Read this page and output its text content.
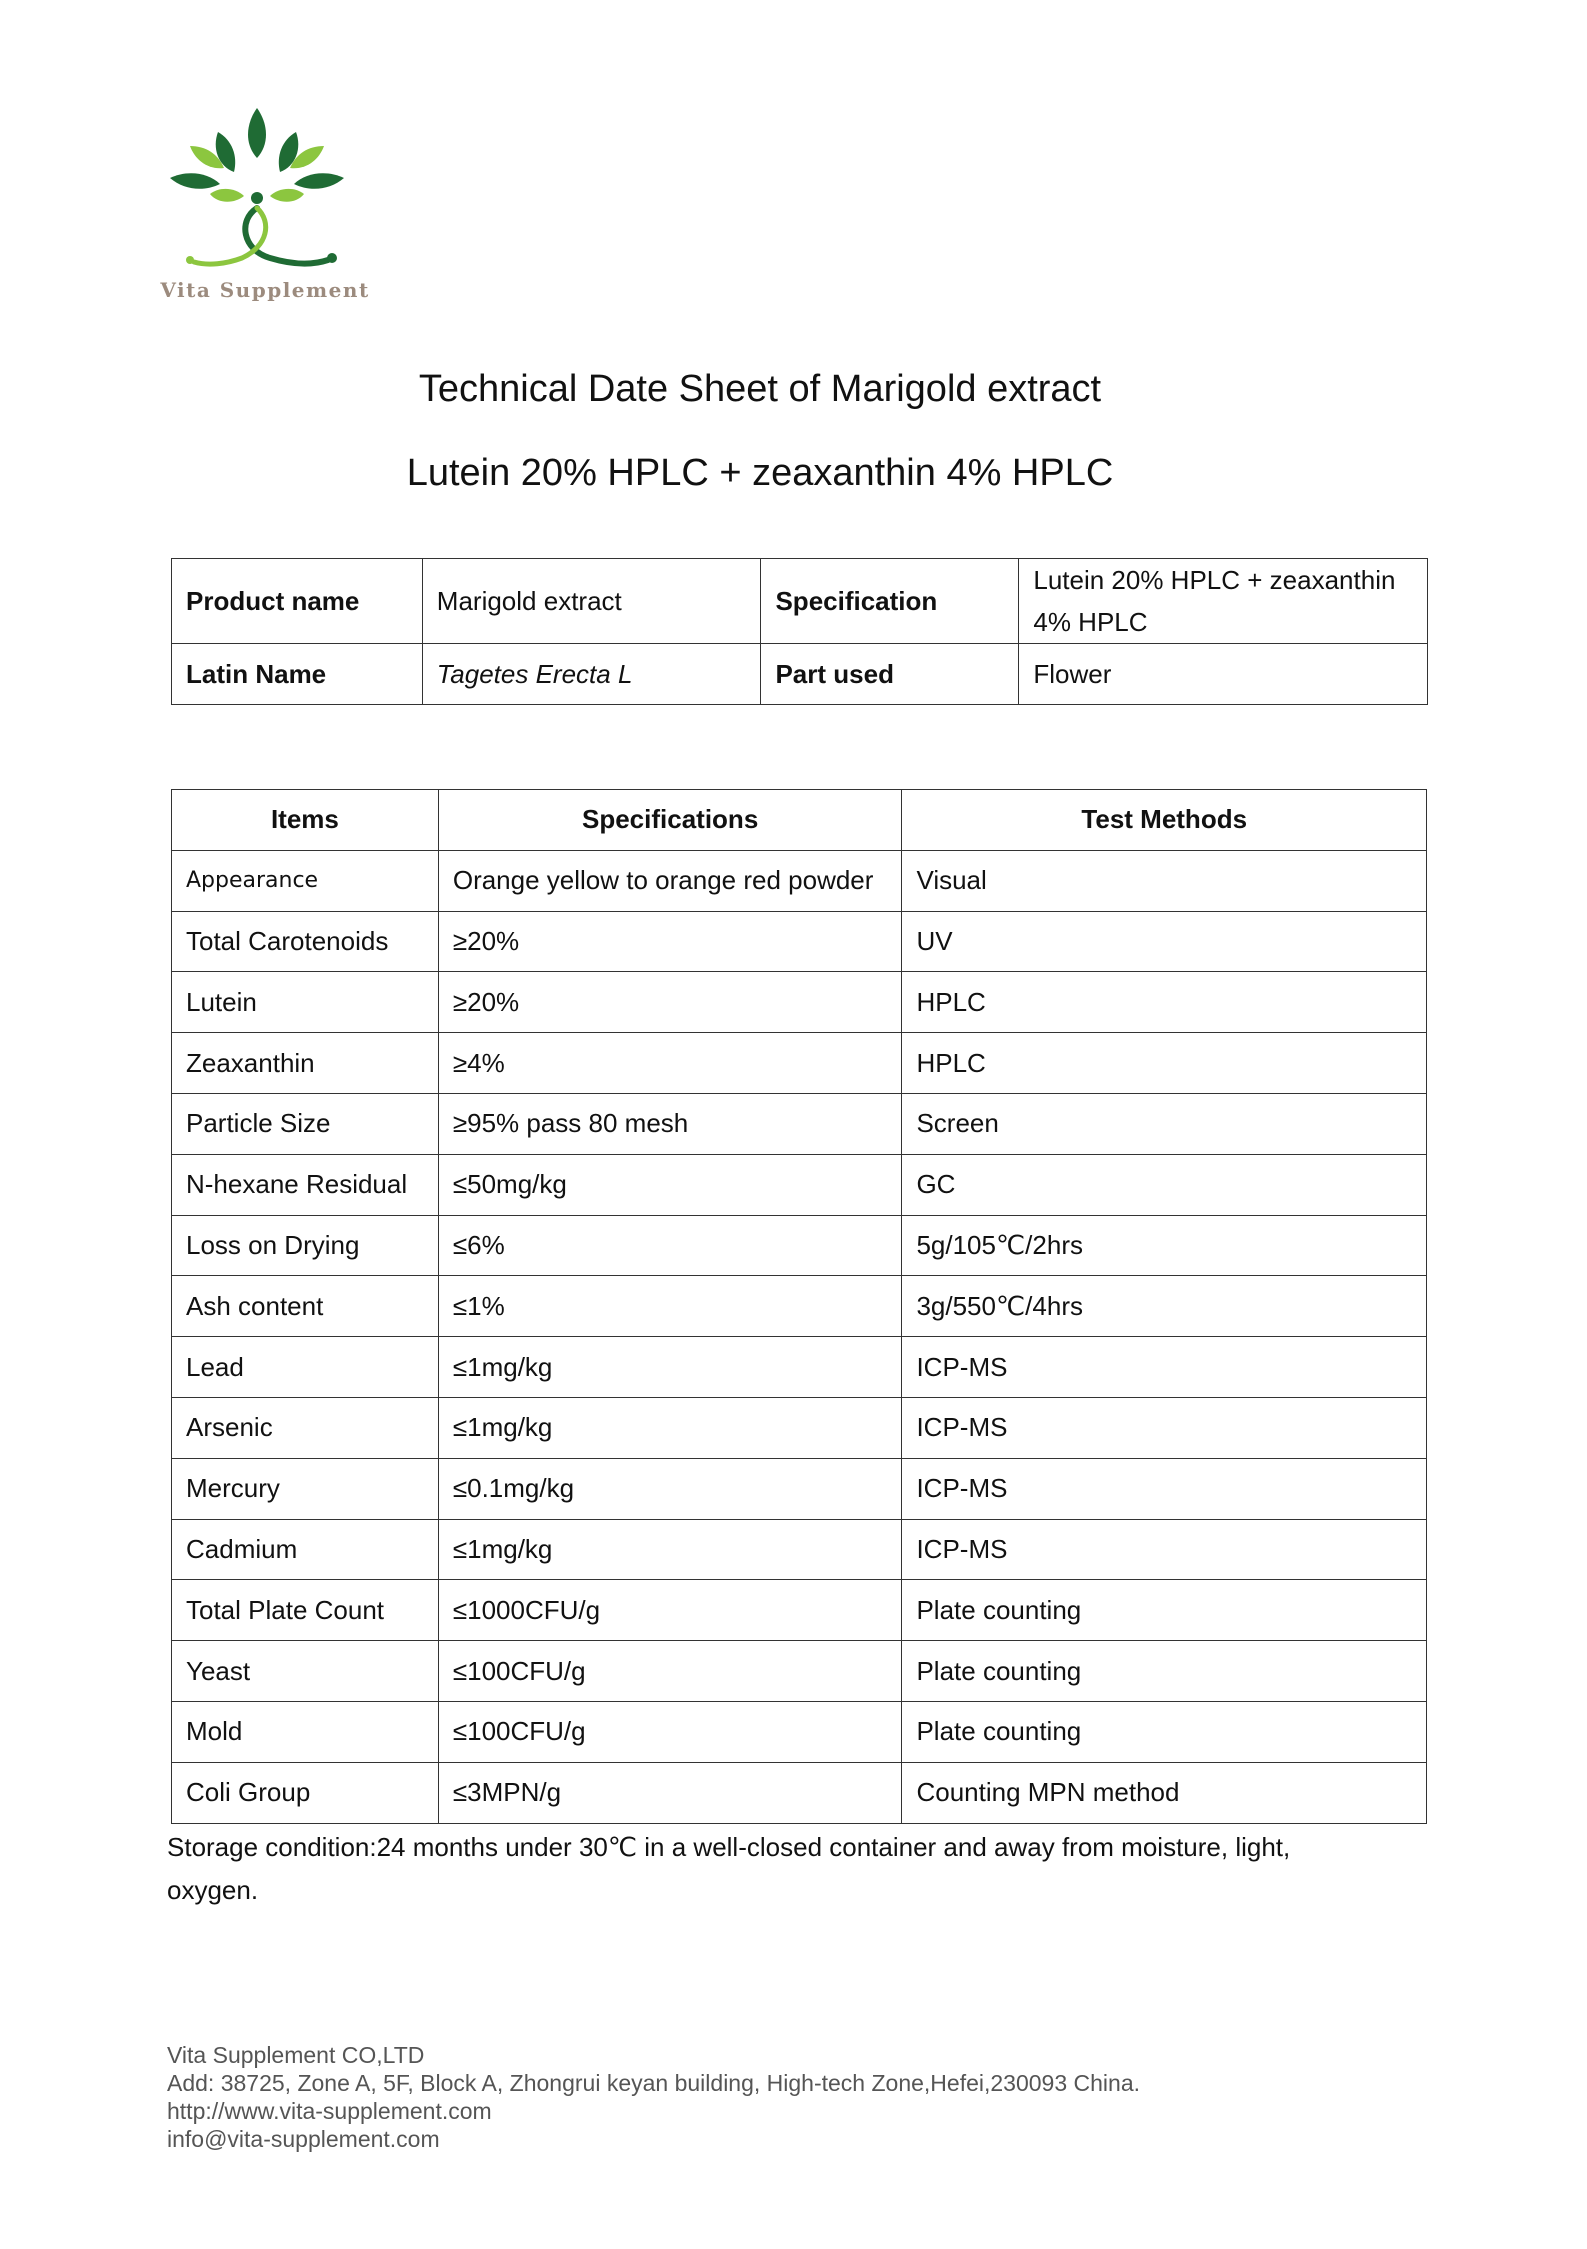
Vita Supplement
Technical Date Sheet of Marigold extract
Lutein 20% HPLC + zeaxanthin 4% HPLC
Product name	Marigold extract	Specification	Lutein 20% HPLC + zeaxanthin 4% HPLC
Latin Name	Tagetes Erecta L	Part used	Flower
Items	Specifications	Test Methods
Appearance	Orange yellow to orange red powder	Visual
Total Carotenoids	≥20%	UV
Lutein	≥20%	HPLC
Zeaxanthin	≥4%	HPLC
Particle Size	≥95% pass 80 mesh	Screen
N-hexane Residual	≤50mg/kg	GC
Loss on Drying	≤6%	5g/105℃/2hrs
Ash content	≤1%	3g/550℃/4hrs
Lead	≤1mg/kg	ICP-MS
Arsenic	≤1mg/kg	ICP-MS
Mercury	≤0.1mg/kg	ICP-MS
Cadmium	≤1mg/kg	ICP-MS
Total Plate Count	≤1000CFU/g	Plate counting
Yeast	≤100CFU/g	Plate counting
Mold	≤100CFU/g	Plate counting
Coli Group	≤3MPN/g	Counting MPN method
Storage condition:24 months under 30℃ in a well-closed container and away from moisture, light, oxygen.
Vita Supplement CO,LTD
Add: 38725, Zone A, 5F, Block A, Zhongrui keyan building, High-tech Zone,Hefei,230093 China.
http://www.vita-supplement.com
info@vita-supplement.com
